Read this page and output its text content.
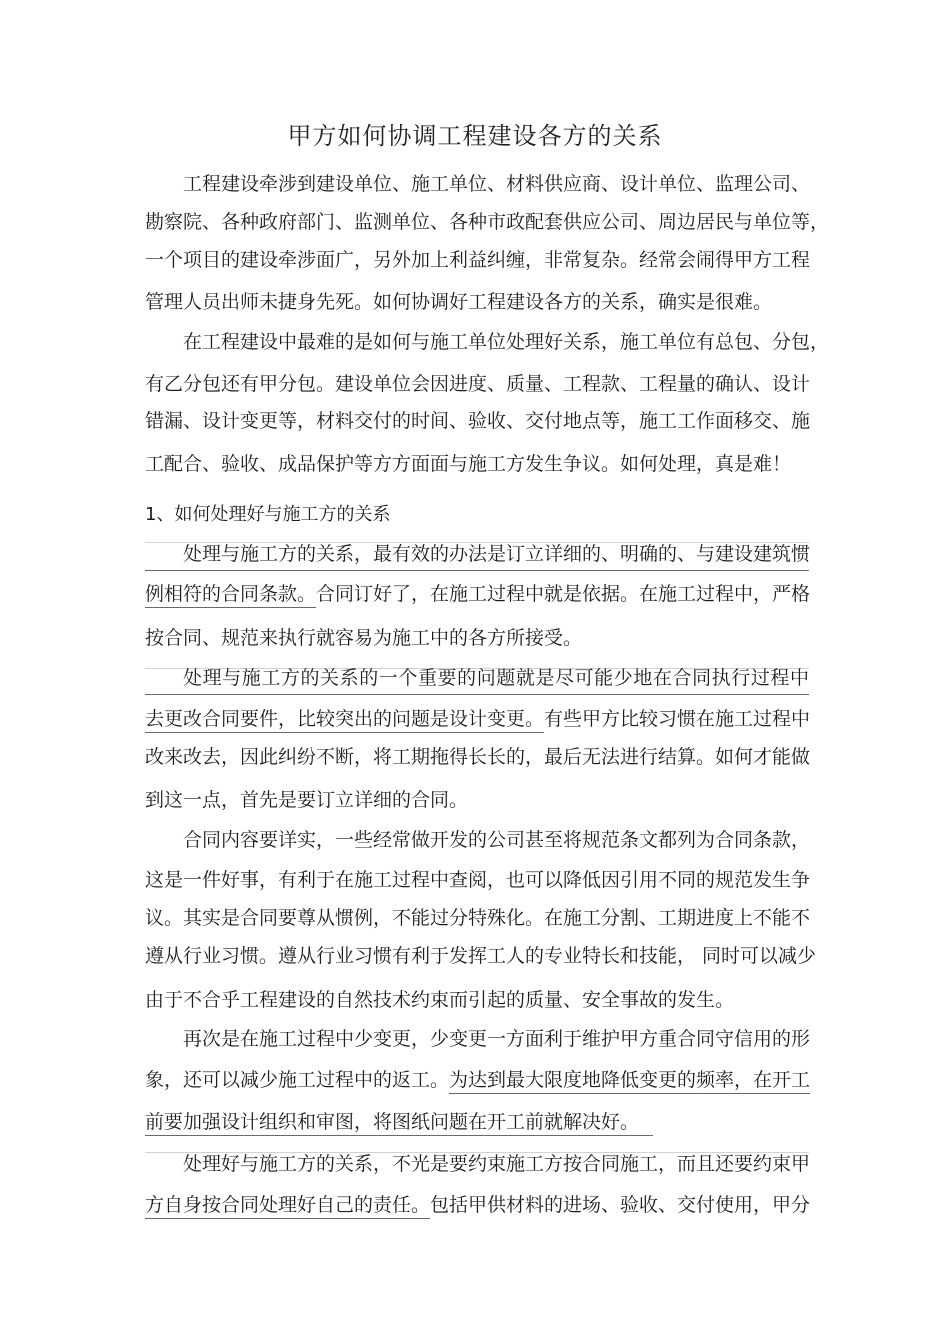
甲方如何协调工程建设各方的关系
工程建设牵涉到建设单位、施工单位、材料供应商、设计单位、监理公司、
勘察院、各种政府部门、监测单位、各种市政配套供应公司、周边居民与单位等，
一个项目的建设牵涉面广，另外加上利益纠缠，非常复杂。经常会闹得甲方工程
管理人员出师未捷身先死。如何协调好工程建设各方的关系，确实是很难。
在工程建设中最难的是如何与施工单位处理好关系，施工单位有总包、分包，
有乙分包还有甲分包。建设单位会因进度、质量、工程款、工程量的确认、设计
错漏、设计变更等，材料交付的时间、验收、交付地点等，施工工作面移交、施
工配合、验收、成品保护等方方面面与施工方发生争议。如何处理，真是难！
1、如何处理好与施工方的关系
处理与施工方的关系，最有效的办法是订立详细的、明确的、与建设建筑惯
例相符的合同条款。合同订好了，在施工过程中就是依据。在施工过程中，严格
按合同、规范来执行就容易为施工中的各方所接受。
处理与施工方的关系的一个重要的问题就是尽可能少地在合同执行过程中
去更改合同要件，比较突出的问题是设计变更。有些甲方比较习惯在施工过程中
改来改去，因此纠纷不断，将工期拖得长长的，最后无法进行结算。如何才能做
到这一点，首先是要订立详细的合同。
合同内容要详实，一些经常做开发的公司甚至将规范条文都列为合同条款，
这是一件好事，有利于在施工过程中查阅，也可以降低因引用不同的规范发生争
议。其实是合同要尊从惯例，不能过分特殊化。在施工分割、工期进度上不能不
遵从行业习惯。遵从行业习惯有利于发挥工人的专业特长和技能， 同时可以减少
由于不合乎工程建设的自然技术约束而引起的质量、安全事故的发生。
再次是在施工过程中少变更，少变更一方面利于维护甲方重合同守信用的形
象，还可以减少施工过程中的返工。为达到最大限度地降低变更的频率，在开工
前要加强设计组织和审图，将图纸问题在开工前就解决好。
处理好与施工方的关系，不光是要约束施工方按合同施工，而且还要约束甲
方自身按合同处理好自己的责任。包括甲供材料的进场、验收、交付使用，甲分
